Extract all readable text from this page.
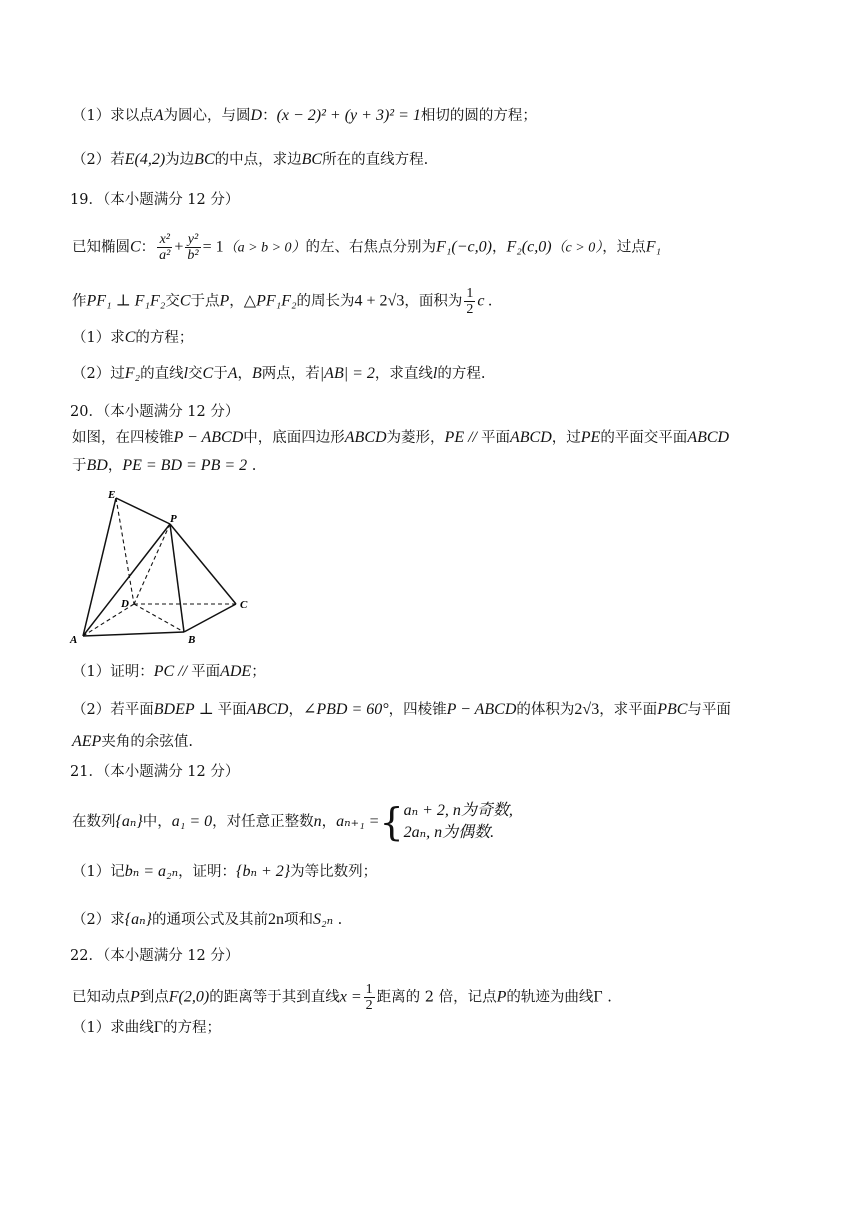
（1）求以点A为圆心，与圆D：(x − 2)² + (y + 3)² = 1相切的圆的方程；
（2）若E(4,2)为边BC的中点，求边BC所在的直线方程.
19．（本小题满分 12 分）
已知椭圆C： $\frac{\text{x²}}{\text{a²}} + \frac{\text{y²}}{\text{b²}} = 1(a > b > 0)$的左、右焦点分别为F₁(−c,0)，F₂(c,0)（c > 0），过点F₁
作PF₁ ⊥ F₁F₂交C于点P，△PF₁F₂的周长为4 + 2√3，面积为 $\frac{1}{2}$ c .
（1）求C的方程；
（2）过F₂的直线l交C于A，B两点，若|AB| = 2，求直线l的方程.
20．（本小题满分 12 分）
如图，在四棱锥P − ABCD中，底面四边形ABCD为菱形，PE // 平面ABCD，过PE的平面交平面ABCD
于BD，PE = BD = PB = 2 .
E
P
D	C
A	B
（1）证明：PC // 平面ADE；
（2）若平面BDEP ⊥ 平面ABCD，∠PBD = 60°，四棱锥P − ABCD的体积为2√3，求平面PBC与平面
AEP夹角的余弦值.
21．（本小题满分 12 分）
在数列{aₙ}中，a₁ = 0，对任意正整数n，aₙ₊₁ ={ aₙ + 2, n为奇数,
2aₙ, n为偶数.
（1）记bₙ = a₂ₙ，证明：{bₙ + 2}为等比数列；
（2）求{aₙ}的通项公式及其前2n项和S₂ₙ .
22．（本小题满分 12 分）
已知动点P到点F(2,0)的距离等于其到直线$x = \frac{1}{2}$ 距离的 2 倍，记点P的轨迹为曲线Γ .
（1）求曲线Γ的方程；
